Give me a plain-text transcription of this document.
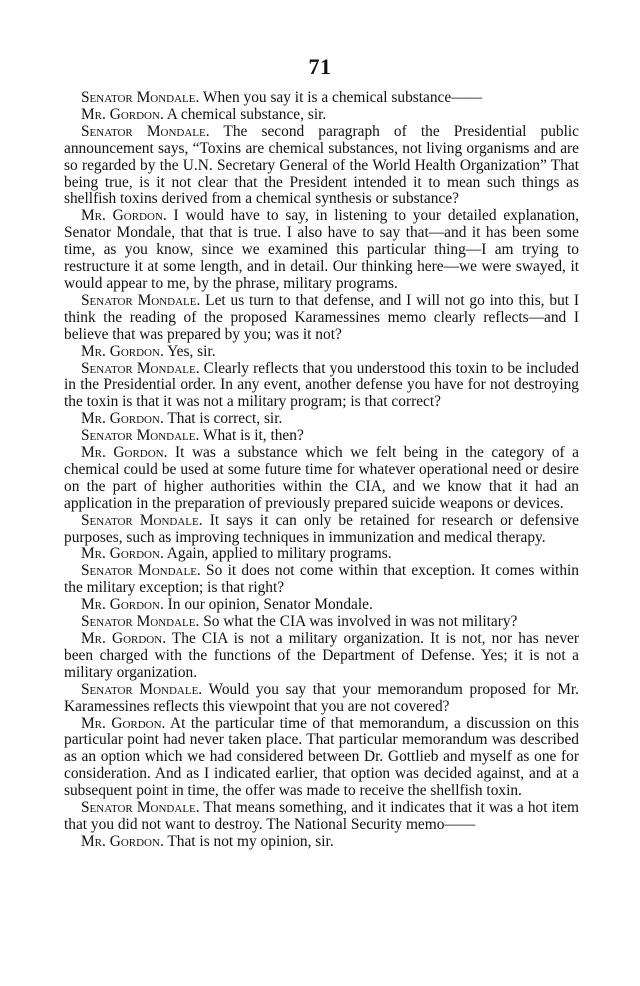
71

Senator Mondale. When you say it is a chemical substance——

Mr. Gordon. A chemical substance, sir.

Senator Mondale. The second paragraph of the Presidential public announcement says, “Toxins are chemical substances, not living organisms and are so regarded by the U.N. Secretary General of the World Health Organization” That being true, is it not clear that the President intended it to mean such things as shellfish toxins derived from a chemical synthesis or substance?

Mr. Gordon. I would have to say, in listening to your detailed explanation, Senator Mondale, that that is true. I also have to say that—and it has been some time, as you know, since we examined this particular thing—I am trying to restructure it at some length, and in detail. Our thinking here—we were swayed, it would appear to me, by the phrase, military programs.

Senator Mondale. Let us turn to that defense, and I will not go into this, but I think the reading of the proposed Karamessines memo clearly reflects—and I believe that was prepared by you; was it not?

Mr. Gordon. Yes, sir.

Senator Mondale. Clearly reflects that you understood this toxin to be included in the Presidential order. In any event, another defense you have for not destroying the toxin is that it was not a military program; is that correct?

Mr. Gordon. That is correct, sir.

Senator Mondale. What is it, then?

Mr. Gordon. It was a substance which we felt being in the category of a chemical could be used at some future time for whatever operational need or desire on the part of higher authorities within the CIA, and we know that it had an application in the preparation of previously prepared suicide weapons or devices.

Senator Mondale. It says it can only be retained for research or defensive purposes, such as improving techniques in immunization and medical therapy.

Mr. Gordon. Again, applied to military programs.

Senator Mondale. So it does not come within that exception. It comes within the military exception; is that right?

Mr. Gordon. In our opinion, Senator Mondale.

Senator Mondale. So what the CIA was involved in was not military?

Mr. Gordon. The CIA is not a military organization. It is not, nor has never been charged with the functions of the Department of Defense. Yes; it is not a military organization.

Senator Mondale. Would you say that your memorandum proposed for Mr. Karamessines reflects this viewpoint that you are not covered?

Mr. Gordon. At the particular time of that memorandum, a discussion on this particular point had never taken place. That particular memorandum was described as an option which we had considered between Dr. Gottlieb and myself as one for consideration. And as I indicated earlier, that option was decided against, and at a subsequent point in time, the offer was made to receive the shellfish toxin.

Senator Mondale. That means something, and it indicates that it was a hot item that you did not want to destroy. The National Security memo——

Mr. Gordon. That is not my opinion, sir.
